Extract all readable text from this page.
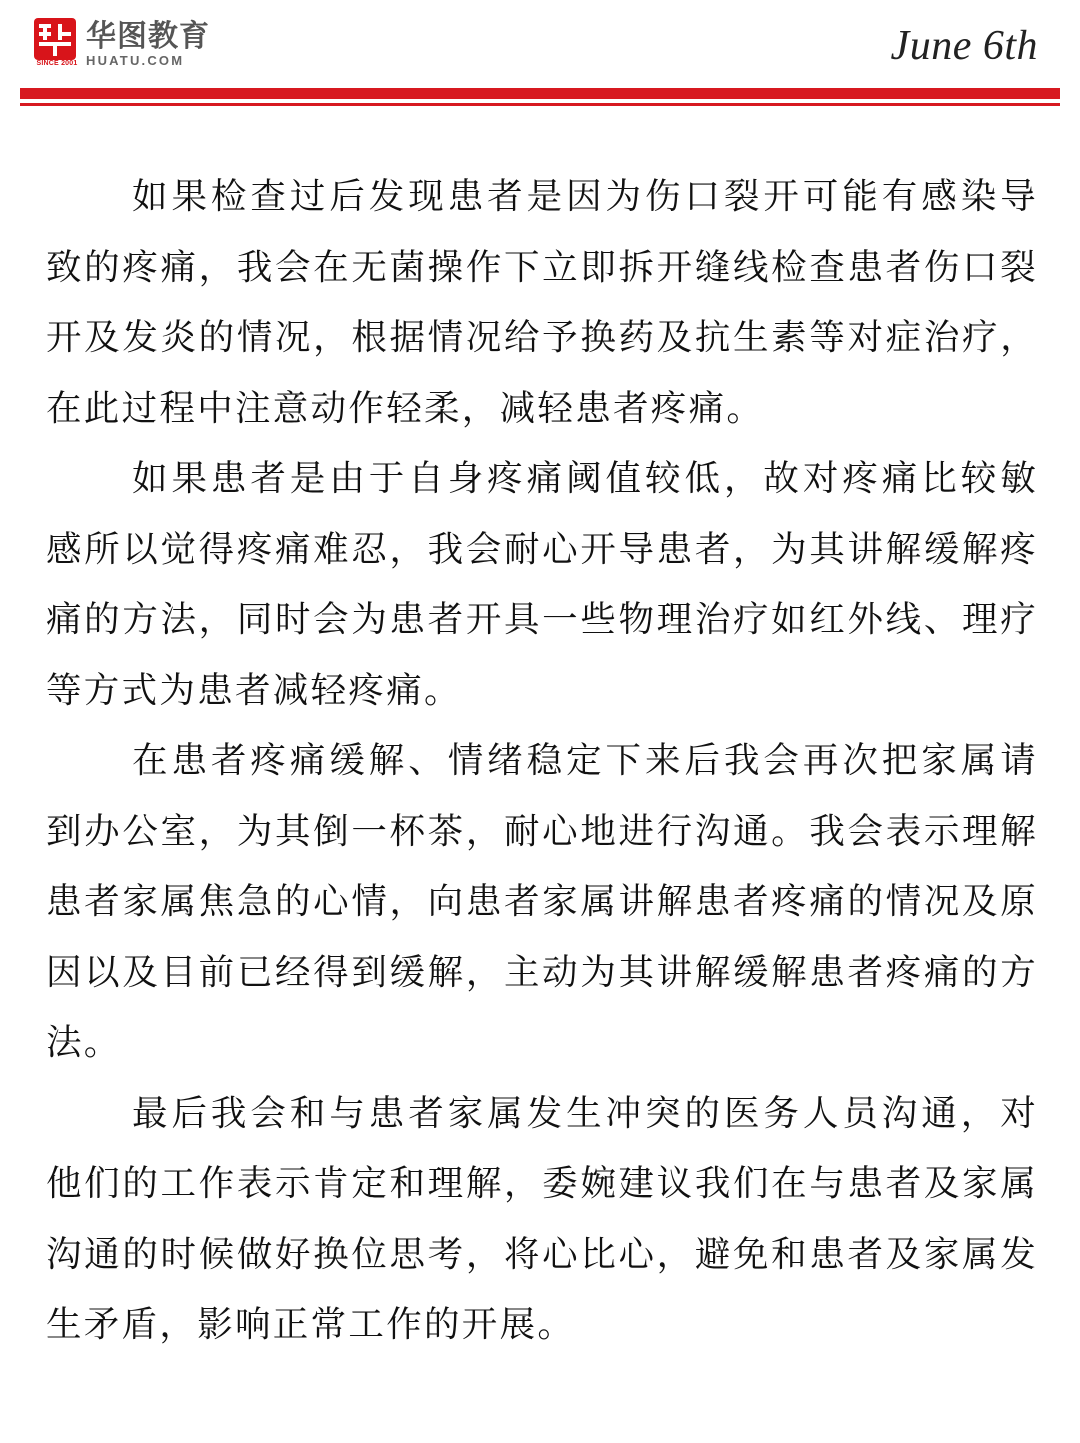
SINCE 2001
华图教育
HUATU.COM	June 6th

如果检查过后发现患者是因为伤口裂开可能有感染导致的疼痛，我会在无菌操作下立即拆开缝线检查患者伤口裂开及发炎的情况，根据情况给予换药及抗生素等对症治疗，在此过程中注意动作轻柔，减轻患者疼痛。

如果患者是由于自身疼痛阈值较低，故对疼痛比较敏感所以觉得疼痛难忍，我会耐心开导患者，为其讲解缓解疼痛的方法，同时会为患者开具一些物理治疗如红外线、理疗等方式为患者减轻疼痛。

在患者疼痛缓解、情绪稳定下来后我会再次把家属请到办公室，为其倒一杯茶，耐心地进行沟通。我会表示理解患者家属焦急的心情，向患者家属讲解患者疼痛的情况及原因以及目前已经得到缓解，主动为其讲解缓解患者疼痛的方法。

最后我会和与患者家属发生冲突的医务人员沟通，对他们的工作表示肯定和理解，委婉建议我们在与患者及家属沟通的时候做好换位思考，将心比心，避免和患者及家属发生矛盾，影响正常工作的开展。
